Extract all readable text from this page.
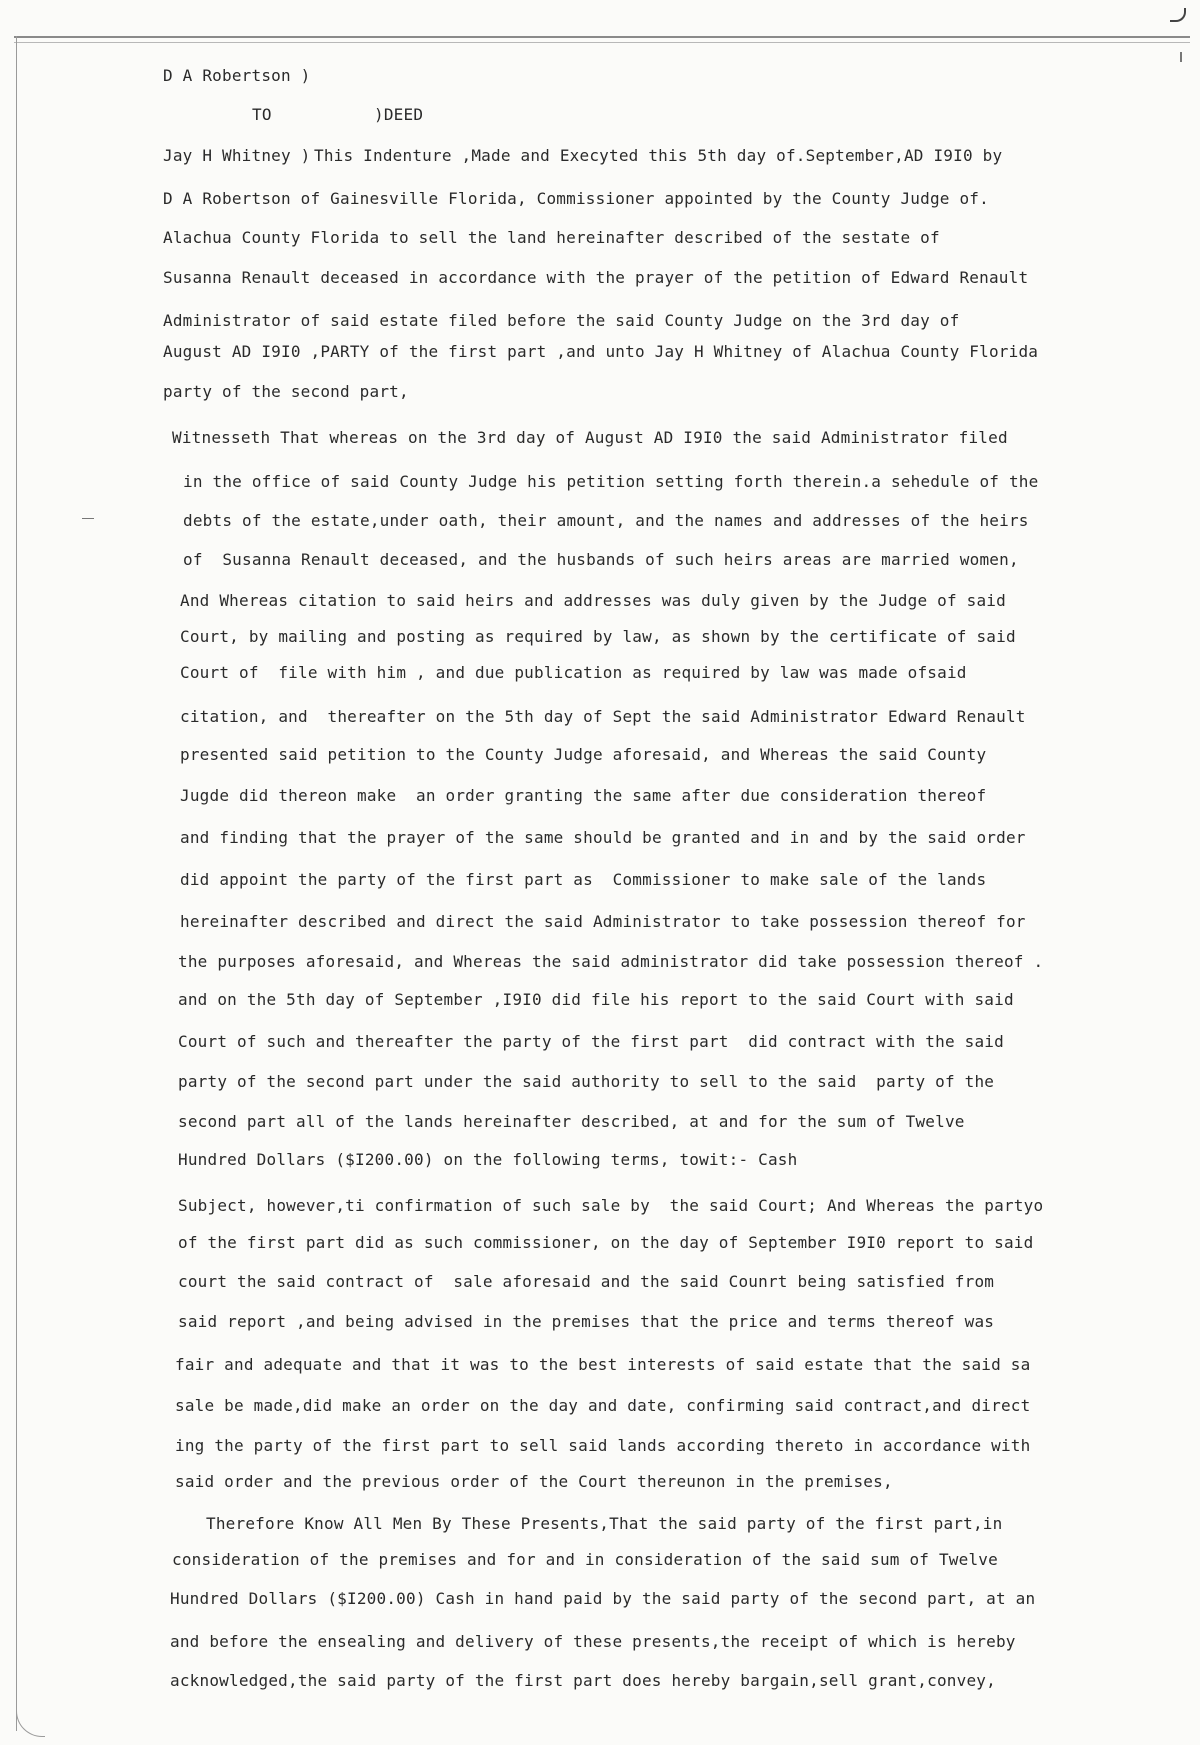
D A Robertson )
TO	)DEED
Jay H Whitney ) This Indenture ,Made and Execyted this 5th day of.September,AD I9I0 by
D A Robertson of Gainesville Florida, Commissioner appointed by the County Judge of.
Alachua County Florida to sell the land hereinafter described of the sestate of
Susanna Renault deceased in accordance with the prayer of the petition of Edward Renault
Administrator of said estate filed before the said County Judge on the 3rd day of
August AD I9I0 ,PARTY of the first part ,and unto Jay H Whitney of Alachua County Florida
party of the second part,
Witnesseth That whereas on the 3rd day of August AD I9I0 the said Administrator filed
in the office of said County Judge his petition setting forth therein.a sehedule of the
debts of the estate,under oath, their amount, and the names and addresses of the heirs
of  Susanna Renault deceased, and the husbands of such heirs areas are married women,
And Whereas citation to said heirs and addresses was duly given by the Judge of said
Court, by mailing and posting as required by law, as shown by the certificate of said
Court of  file with him , and due publication as required by law was made ofsaid
citation, and  thereafter on the 5th day of Sept the said Administrator Edward Renault
presented said petition to the County Judge aforesaid, and Whereas the said County
Jugde did thereon make  an order granting the same after due consideration thereof
and finding that the prayer of the same should be granted and in and by the said order
did appoint the party of the first part as  Commissioner to make sale of the lands
hereinafter described and direct the said Administrator to take possession thereof for
the purposes aforesaid, and Whereas the said administrator did take possession thereof .
and on the 5th day of September ,I9I0 did file his report to the said Court with said
Court of such and thereafter the party of the first part  did contract with the said
party of the second part under the said authority to sell to the said  party of the
second part all of the lands hereinafter described, at and for the sum of Twelve
Hundred Dollars ($I200.00) on the following terms, towit:- Cash
Subject, however,ti confirmation of such sale by  the said Court; And Whereas the partyo
of the first part did as such commissioner, on the day of September I9I0 report to said
court the said contract of  sale aforesaid and the said Counrt being satisfied from
said report ,and being advised in the premises that the price and terms thereof was
fair and adequate and that it was to the best interests of said estate that the said sa
sale be made,did make an order on the day and date, confirming said contract,and direct
ing the party of the first part to sell said lands according thereto in accordance with
said order and the previous order of the Court thereunon in the premises,
Therefore Know All Men By These Presents,That the said party of the first part,in
consideration of the premises and for and in consideration of the said sum of Twelve
Hundred Dollars ($I200.00) Cash in hand paid by the said party of the second part, at an
and before the ensealing and delivery of these presents,the receipt of which is hereby
acknowledged,the said party of the first part does hereby bargain,sell grant,convey,
